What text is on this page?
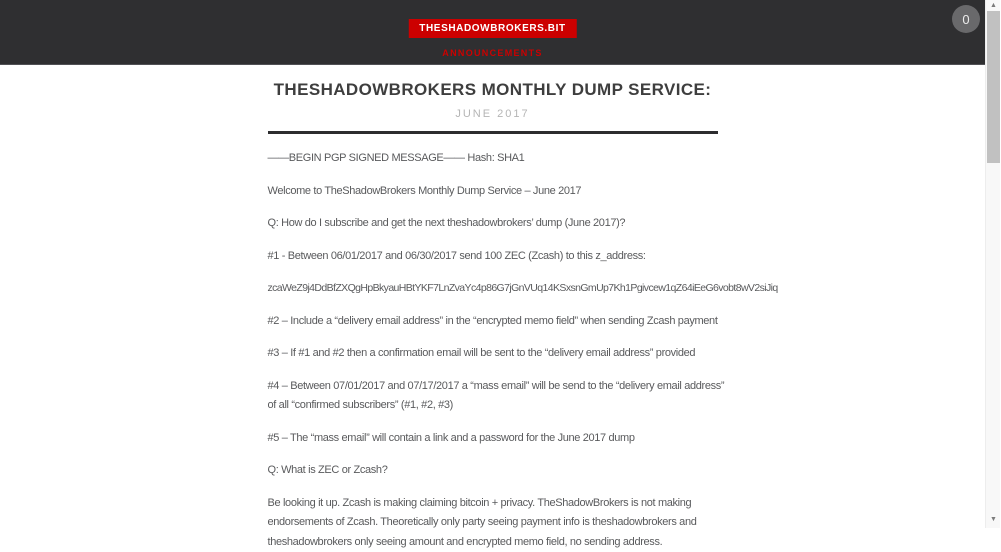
THESHADOWBROKERS.BIT
ANNOUNCEMENTS
0
THESHADOWBROKERS MONTHLY DUMP SERVICE:
JUNE 2017

——BEGIN PGP SIGNED MESSAGE—— Hash: SHA1

Welcome to TheShadowBrokers Monthly Dump Service – June 2017

Q: How do I subscribe and get the next theshadowbrokers’ dump (June 2017)?

#1 - Between 06/01/2017 and 06/30/2017 send 100 ZEC (Zcash) to this z_address:

zcaWeZ9j4DdBfZXQgHpBkyauHBtYKF7LnZvaYc4p86G7jGnVUq14KSxsnGmUp7Kh1Pgivcew1qZ64iEeG6vobt8wV2siJiq

#2 – Include a “delivery email address” in the “encrypted memo field” when sending Zcash payment

#3 – If #1 and #2 then a confirmation email will be sent to the “delivery email address” provided

#4 – Between 07/01/2017 and 07/17/2017 a “mass email” will be send to the “delivery email address”
of all “confirmed subscribers” (#1, #2, #3)

#5 – The “mass email” will contain a link and a password for the June 2017 dump

Q: What is ZEC or Zcash?

Be looking it up. Zcash is making claiming bitcoin + privacy. TheShadowBrokers is not making
endorsements of Zcash. Theoretically only party seeing payment info is theshadowbrokers and
theshadowbrokers only seeing amount and encrypted memo field, no sending address.

▲
▼
